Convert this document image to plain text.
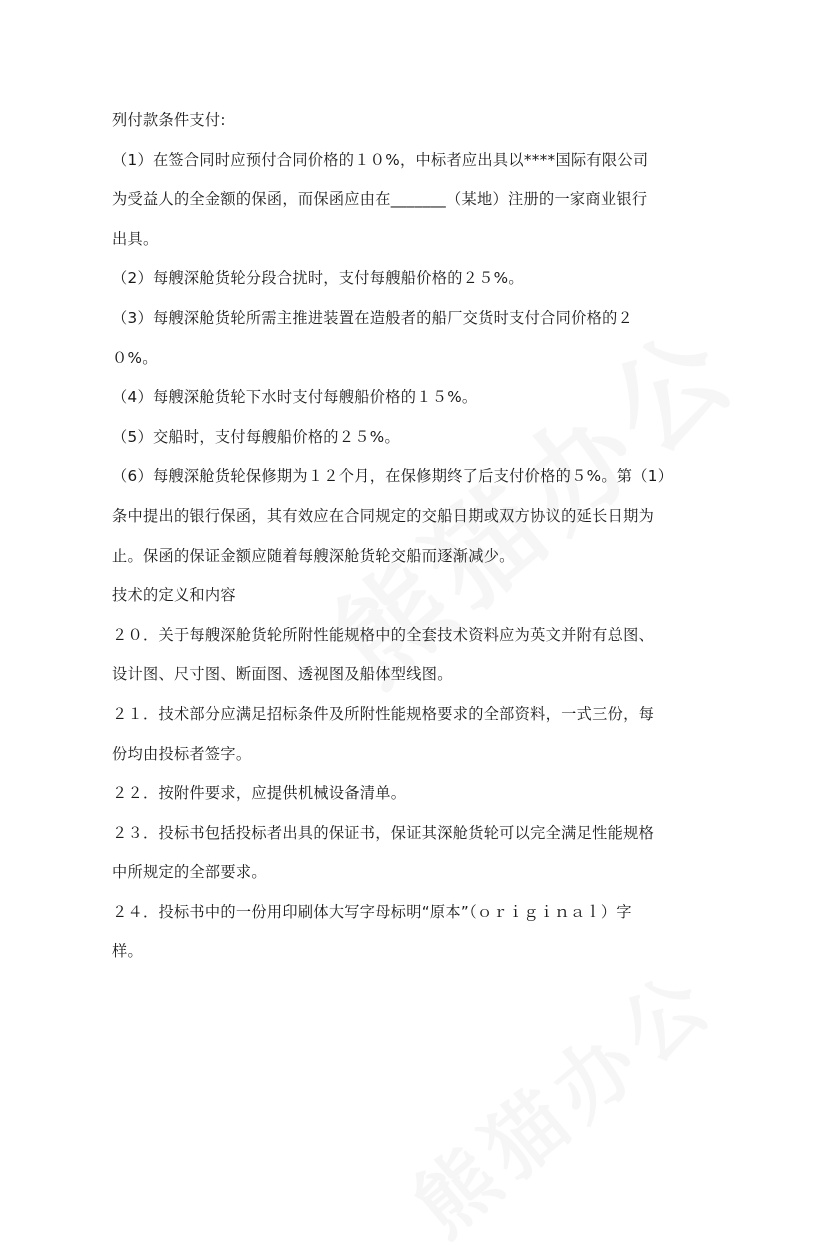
列付款条件支付:
（1）在签合同时应预付合同价格的１０%，中标者应出具以****国际有限公司
为受益人的全金额的保函，而保函应由在_______（某地）注册的一家商业银行
出具。
（2）每艘深舱货轮分段合扰时，支付每艘船价格的２５%。
（3）每艘深舱货轮所需主推进装置在造般者的船厂交货时支付合同价格的２
０%。
（4）每艘深舱货轮下水时支付每艘船价格的１５%。
（5）交船时，支付每艘船价格的２５%。
（6）每艘深舱货轮保修期为１２个月，在保修期终了后支付价格的５%。第（1）
条中提出的银行保函，其有效应在合同规定的交船日期或双方协议的延长日期为
止。保函的保证金额应随着每艘深舱货轮交船而逐渐减少。
技术的定义和内容
２０．关于每艘深舱货轮所附性能规格中的全套技术资料应为英文并附有总图、
设计图、尺寸图、断面图、透视图及船体型线图。
２１．技术部分应满足招标条件及所附性能规格要求的全部资料，一式三份，每
份均由投标者签字。
２２．按附件要求，应提供机械设备清单。
２３．投标书包括投标者出具的保证书，保证其深舱货轮可以完全满足性能规格
中所规定的全部要求。
２４．投标书中的一份用印刷体大写字母标明“原本”（ｏｒｉｇｉｎａｌ）字
样。
